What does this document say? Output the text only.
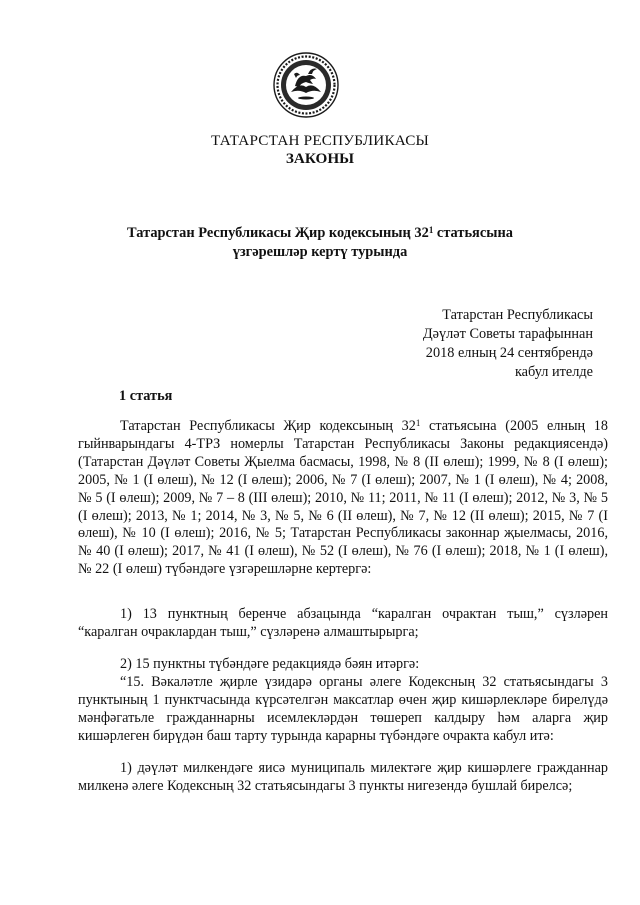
ТАТАРСТАН РЕСПУБЛИКАСЫ
ЗАКОНЫ
Татарстан Республикасы Җир кодексының $32^1$ статьясына
үзгәрешләр кертү турында
Татарстан Республикасы
Дәүләт Советы тарафыннан
2018 елның 24 сентябрендә
кабул ителде
1 статья
Татарстан Республикасы Җир кодексының $32^1$ статьясына (2005 елның 18 гыйнварындагы 4-ТРЗ номерлы Татарстан Республикасы Законы редакциясендә) (Татарстан Дәүләт Советы Җыелма басмасы, 1998, № 8 (II өлеш); 1999, № 8 (I өлеш); 2005, № 1 (I өлеш), № 12 (I өлеш); 2006, № 7 (I өлеш); 2007, № 1 (I өлеш), № 4; 2008, № 5 (I өлеш); 2009, № 7 – 8 (III өлеш); 2010, № 11; 2011, № 11 (I өлеш); 2012, № 3, № 5 (I өлеш); 2013, № 1; 2014, № 3, № 5, № 6 (II өлеш), № 7, № 12 (II өлеш); 2015, № 7 (I өлеш), № 10 (I өлеш); 2016, № 5; Татарстан Республикасы законнар җыелмасы, 2016, № 40 (I өлеш); 2017, № 41 (I өлеш), № 52 (I өлеш), № 76 (I өлеш); 2018, № 1 (I өлеш), № 22 (I өлеш) түбәндәге үзгәрешләрне кертергә:
1) 13 пунктның беренче абзацында “каралган очрактан тыш,” сүзләрен “каралган очраклардан тыш,” сүзләренә алмаштырырга;
2) 15 пунктны түбәндәге редакциядә бәян итәргә:
“15. Вәкаләтле җирле үзидарә органы әлеге Кодексның 32 статьясындагы 3 пунктының 1 пунктчасында күрсәтелгән максатлар өчен җир кишәрлекләре бирелүдә мәнфәгатьле гражданнарны исемлекләрдән төшереп калдыру һәм аларга җир кишәрлеген бирүдән баш тарту турында карарны түбәндәге очракта кабул итә:
1) дәүләт милкендәге яисә муниципаль милектәге җир кишәрлеге гражданнар милкенә әлеге Кодексның 32 статьясындагы 3 пункты нигезендә бушлай бирелсә;
